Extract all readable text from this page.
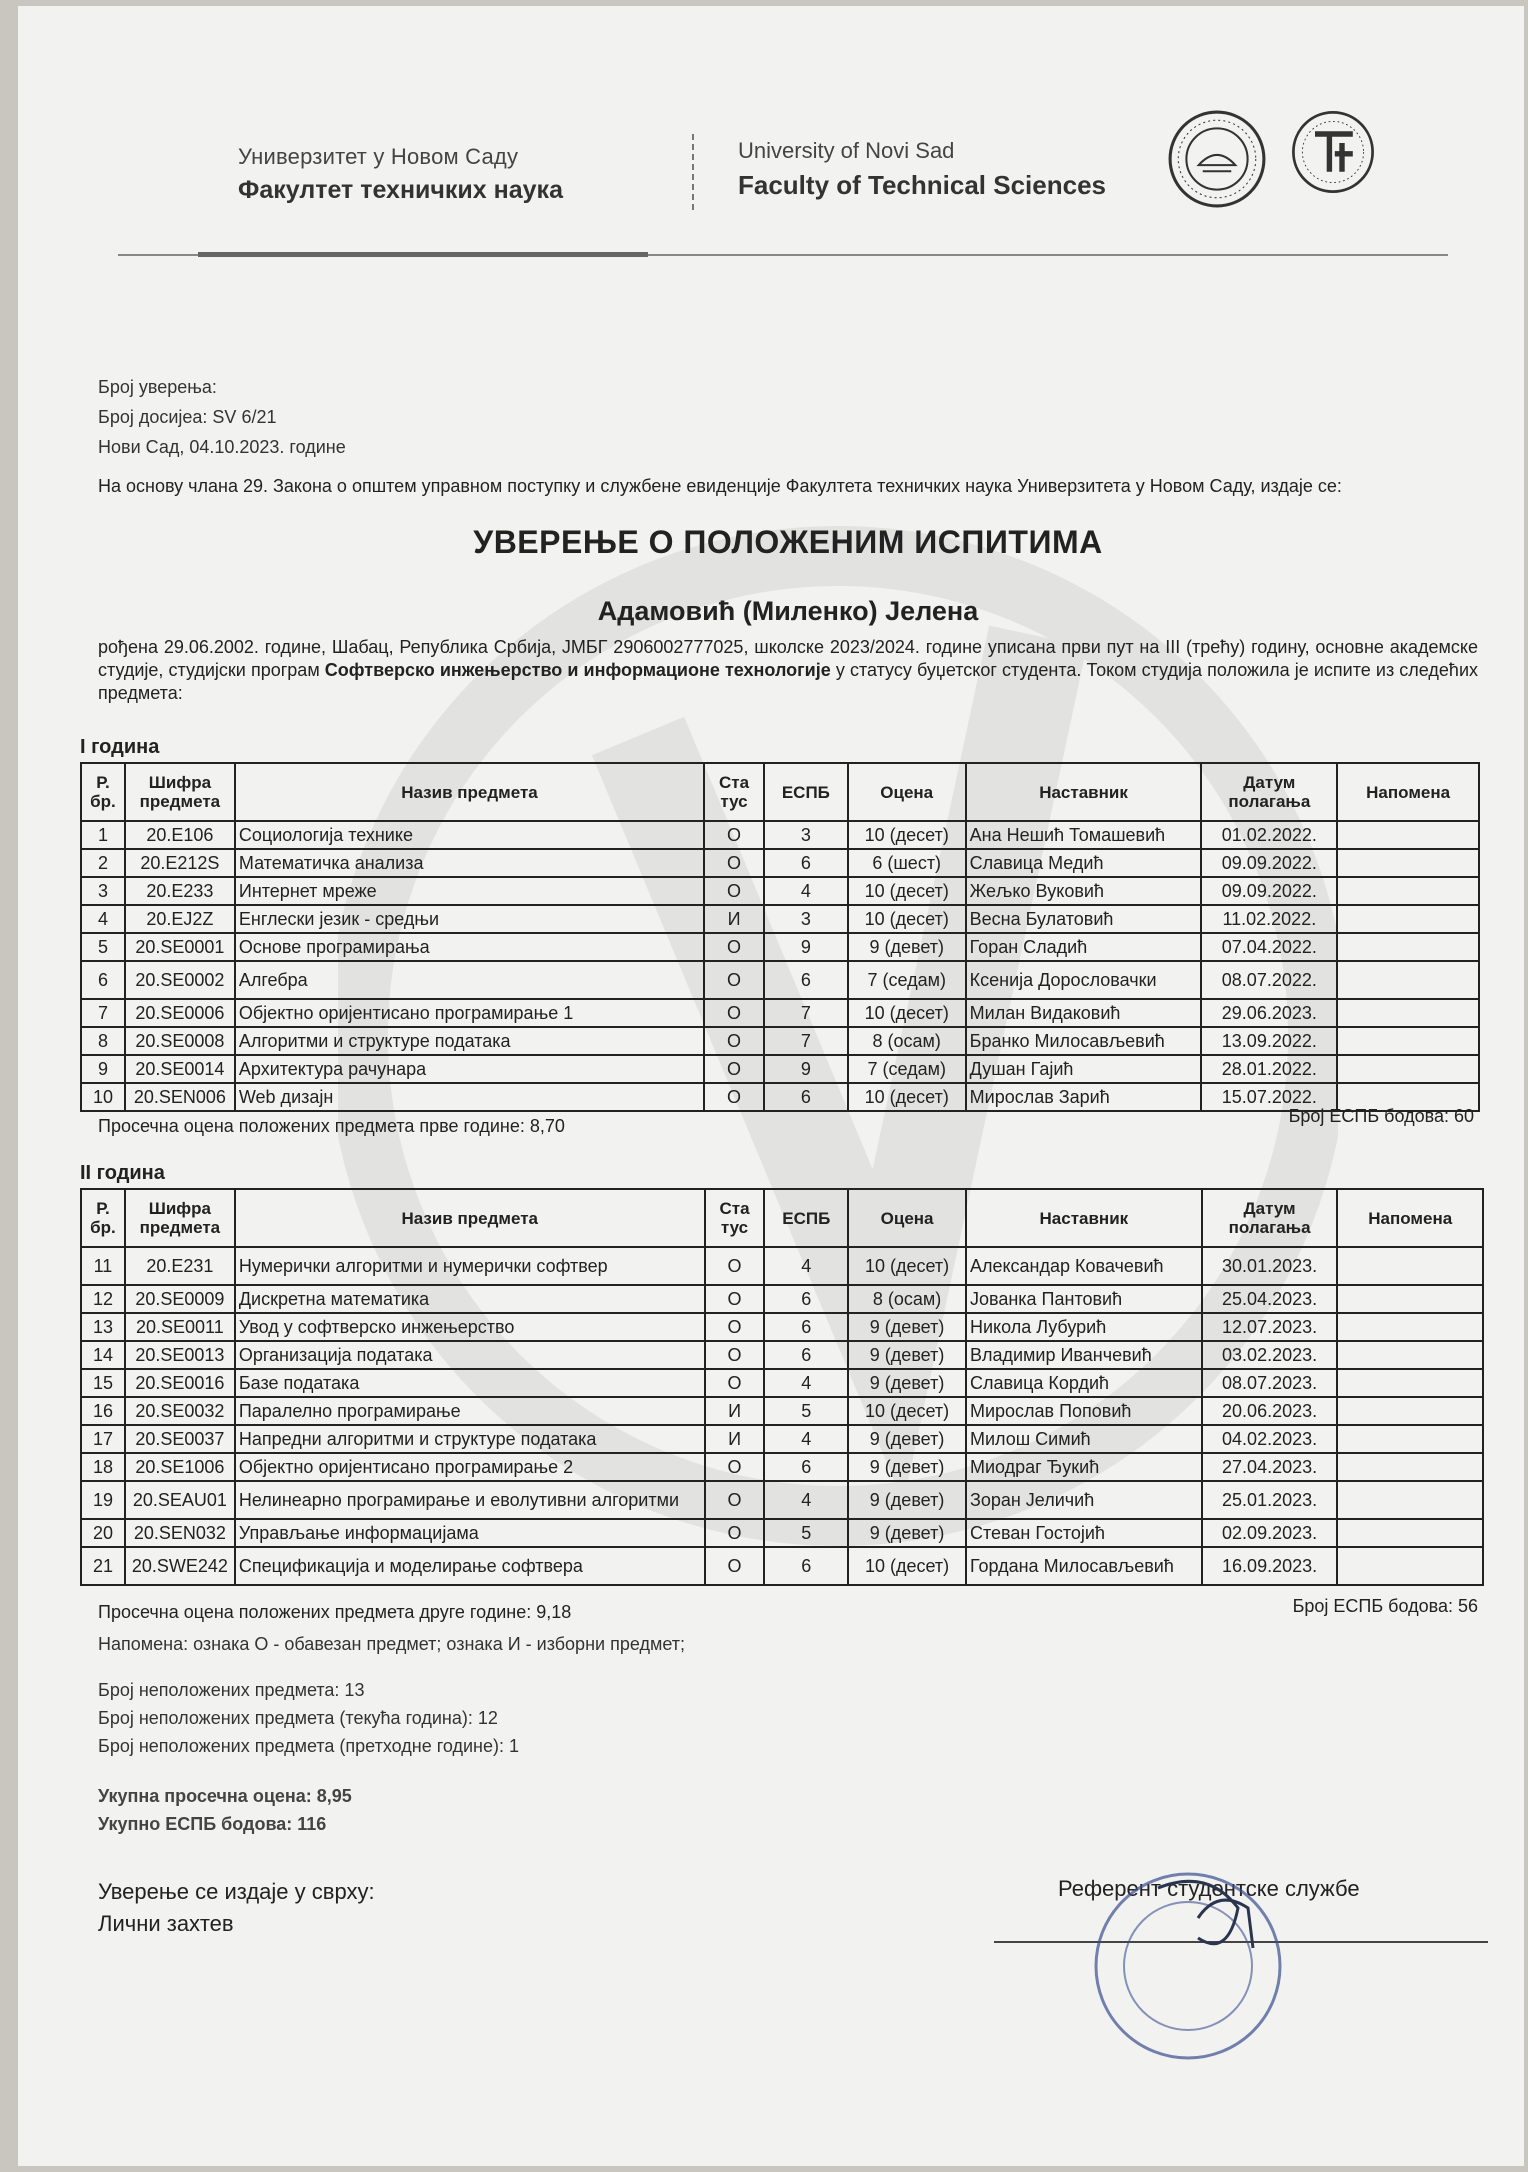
Универзитет у Новом Саду
Факултет техничких наука
University of Novi Sad
Faculty of Technical Sciences
Број уверења:
Број досијеа: SV 6/21
Нови Сад, 04.10.2023. године
На основу члана 29. Закона о општем управном поступку и службене евиденције Факултета техничких наука Универзитета у Новом Саду, издаје се:
УВЕРЕЊЕ О ПОЛОЖЕНИМ ИСПИТИМА
Адамовић (Миленко) Јелена
рођена 29.06.2002. године, Шабац, Република Србија, ЈМБГ 2906002777025, школске 2023/2024. године уписана први пут на III (трећу) годину, основне академске студије, студијски програм Софтверско инжењерство и информационе технологије у статусу буџетског студента. Током студија положила је испите из следећих предмета:
I година
Р. бр.	Шифра предмета	Назив предмета	Ста тус	ЕСПБ	Оцена	Наставник	Датум полагања	Напомена
1	20.E106	Социологија технике	О	3	10 (десет)	Ана Нешић Томашевић	01.02.2022.	
2	20.E212S	Математичка анализа	О	6	6 (шест)	Славица Медић	09.09.2022.	
3	20.E233	Интернет мреже	О	4	10 (десет)	Жељко Вуковић	09.09.2022.	
4	20.EJ2Z	Енглески језик - средњи	И	3	10 (десет)	Весна Булатовић	11.02.2022.	
5	20.SE0001	Основе програмирања	О	9	9 (девет)	Горан Сладић	07.04.2022.	
6	20.SE0002	Алгебра	О	6	7 (седам)	Ксенија Дорословачки	08.07.2022.	
7	20.SE0006	Објектно оријентисано програмирање 1	О	7	10 (десет)	Милан Видаковић	29.06.2023.	
8	20.SE0008	Алгоритми и структуре података	О	7	8 (осам)	Бранко Милосављевић	13.09.2022.	
9	20.SE0014	Архитектура рачунара	О	9	7 (седам)	Душан Гајић	28.01.2022.	
10	20.SEN006	Web дизајн	О	6	10 (десет)	Мирослав Зарић	15.07.2022.	
Просечна оцена положених предмета прве године: 8,70	Број ЕСПБ бодова: 60
II година
Р. бр.	Шифра предмета	Назив предмета	Ста тус	ЕСПБ	Оцена	Наставник	Датум полагања	Напомена
11	20.E231	Нумерички алгоритми и нумерички софтвер	О	4	10 (десет)	Александар Ковачевић	30.01.2023.	
12	20.SE0009	Дискретна математика	О	6	8 (осам)	Јованка Пантовић	25.04.2023.	
13	20.SE0011	Увод у софтверско инжењерство	О	6	9 (девет)	Никола Лубурић	12.07.2023.	
14	20.SE0013	Организација података	О	6	9 (девет)	Владимир Иванчевић	03.02.2023.	
15	20.SE0016	Базе података	О	4	9 (девет)	Славица Кордић	08.07.2023.	
16	20.SE0032	Паралелно програмирање	И	5	10 (десет)	Мирослав Поповић	20.06.2023.	
17	20.SE0037	Напредни алгоритми и структуре података	И	4	9 (девет)	Милош Симић	04.02.2023.	
18	20.SE1006	Објектно оријентисано програмирање 2	О	6	9 (девет)	Миодраг Ђукић	27.04.2023.	
19	20.SEAU01	Нелинеарно програмирање и еволутивни алгоритми	О	4	9 (девет)	Зоран Јеличић	25.01.2023.	
20	20.SEN032	Управљање информацијама	О	5	9 (девет)	Стеван Гостојић	02.09.2023.	
21	20.SWE242	Спецификација и моделирање софтвера	О	6	10 (десет)	Гордана Милосављевић	16.09.2023.	
Просечна оцена положених предмета друге године: 9,18	Број ЕСПБ бодова: 56
Напомена: ознака О - обавезан предмет; ознака И - изборни предмет;
Број неположених предмета: 13
Број неположених предмета (текућа година): 12
Број неположених предмета (претходне године): 1
Укупна просечна оцена: 8,95
Укупно ЕСПБ бодова: 116
Уверење се издаје у сврху:
Лични захтев
Референт студентске службе
